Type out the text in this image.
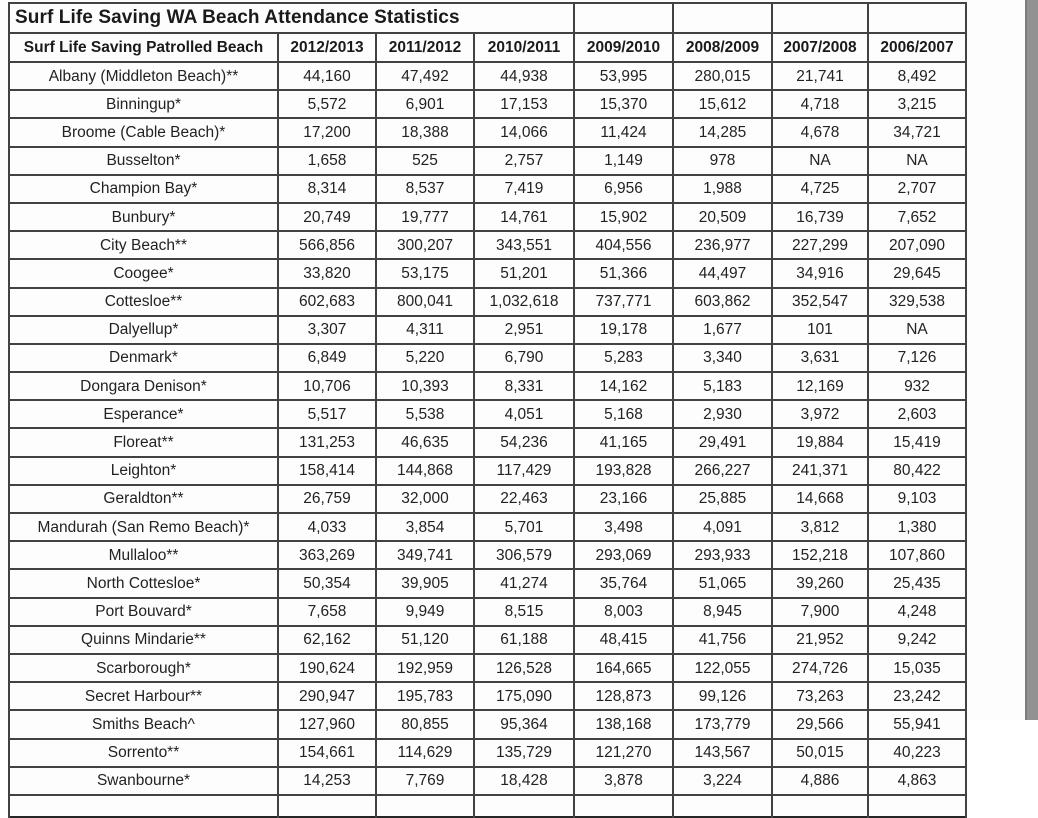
Surf Life Saving WA Beach Attendance Statistics							
Surf Life Saving Patrolled Beach	2012/2013	2011/2012	2010/2011	2009/2010	2008/2009	2007/2008	2006/2007
Albany (Middleton Beach)**	44,160	47,492	44,938	53,995	280,015	21,741	8,492
Binningup*	5,572	6,901	17,153	15,370	15,612	4,718	3,215
Broome (Cable Beach)*	17,200	18,388	14,066	11,424	14,285	4,678	34,721
Busselton*	1,658	525	2,757	1,149	978	NA	NA
Champion Bay*	8,314	8,537	7,419	6,956	1,988	4,725	2,707
Bunbury*	20,749	19,777	14,761	15,902	20,509	16,739	7,652
City Beach**	566,856	300,207	343,551	404,556	236,977	227,299	207,090
Coogee*	33,820	53,175	51,201	51,366	44,497	34,916	29,645
Cottesloe**	602,683	800,041	1,032,618	737,771	603,862	352,547	329,538
Dalyellup*	3,307	4,311	2,951	19,178	1,677	101	NA
Denmark*	6,849	5,220	6,790	5,283	3,340	3,631	7,126
Dongara Denison*	10,706	10,393	8,331	14,162	5,183	12,169	932
Esperance*	5,517	5,538	4,051	5,168	2,930	3,972	2,603
Floreat**	131,253	46,635	54,236	41,165	29,491	19,884	15,419
Leighton*	158,414	144,868	117,429	193,828	266,227	241,371	80,422
Geraldton**	26,759	32,000	22,463	23,166	25,885	14,668	9,103
Mandurah (San Remo Beach)*	4,033	3,854	5,701	3,498	4,091	3,812	1,380
Mullaloo**	363,269	349,741	306,579	293,069	293,933	152,218	107,860
North Cottesloe*	50,354	39,905	41,274	35,764	51,065	39,260	25,435
Port Bouvard*	7,658	9,949	8,515	8,003	8,945	7,900	4,248
Quinns Mindarie**	62,162	51,120	61,188	48,415	41,756	21,952	9,242
Scarborough*	190,624	192,959	126,528	164,665	122,055	274,726	15,035
Secret Harbour**	290,947	195,783	175,090	128,873	99,126	73,263	23,242
Smiths Beach^	127,960	80,855	95,364	138,168	173,779	29,566	55,941
Sorrento**	154,661	114,629	135,729	121,270	143,567	50,015	40,223
Swanbourne*	14,253	7,769	18,428	3,878	3,224	4,886	4,863
